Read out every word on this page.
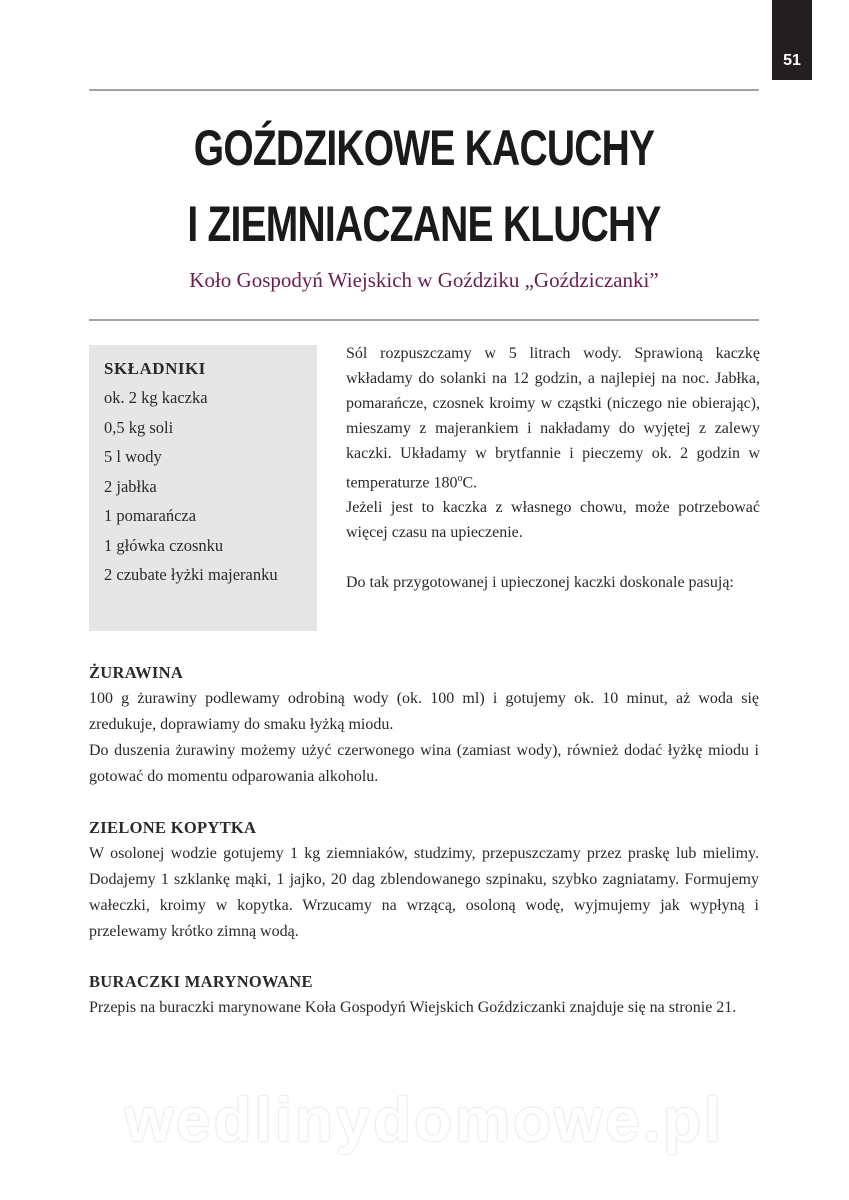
51
GOŹDZIKOWE KACUCHY
I ZIEMNIACZANE KLUCHY
Koło Gospodyń Wiejskich w Goździku „Goździczanki”
SKŁADNIKI
ok. 2 kg kaczka
0,5 kg soli
5 l wody
2 jabłka
1 pomarańcza
1 główka czosnku
2 czubate łyżki majeranku

Sól rozpuszczamy w 5 litrach wody. Sprawioną kaczkę wkładamy do solanki na 12 godzin, a najlepiej na noc. Jabłka, pomarańcze, czosnek kroimy w cząstki (niczego nie obierając), mieszamy z majerankiem i nakładamy do wyjętej z zalewy kaczki. Układamy w brytfannie i pieczemy ok. 2 godzin w temperaturze 180$^o$C.

Jeżeli jest to kaczka z własnego chowu, może potrzebować więcej czasu na upieczenie.

Do tak przygotowanej i upieczonej kaczki doskonale pasują:

ŻURAWINA

100 g żurawiny podlewamy odrobiną wody (ok. 100 ml) i gotujemy ok. 10 minut, aż woda się zredukuje, doprawiamy do smaku łyżką miodu.

Do duszenia żurawiny możemy użyć czerwonego wina (zamiast wody), również dodać łyżkę miodu i gotować do momentu odparowania alkoholu.

ZIELONE KOPYTKA

W osolonej wodzie gotujemy 1 kg ziemniaków, studzimy, przepuszczamy przez praskę lub mielimy. Dodajemy 1 szklankę mąki, 1 jajko, 20 dag zblendowanego szpinaku, szybko zagniatamy. Formujemy wałeczki, kroimy w kopytka. Wrzucamy na wrzącą, osoloną wodę, wyjmujemy jak wypłyną i przelewamy krótko zimną wodą.

BURACZKI MARYNOWANE

Przepis na buraczki marynowane Koła Gospodyń Wiejskich Goździczanki znajduje się na stronie 21.

wedlinydomowe.pl
